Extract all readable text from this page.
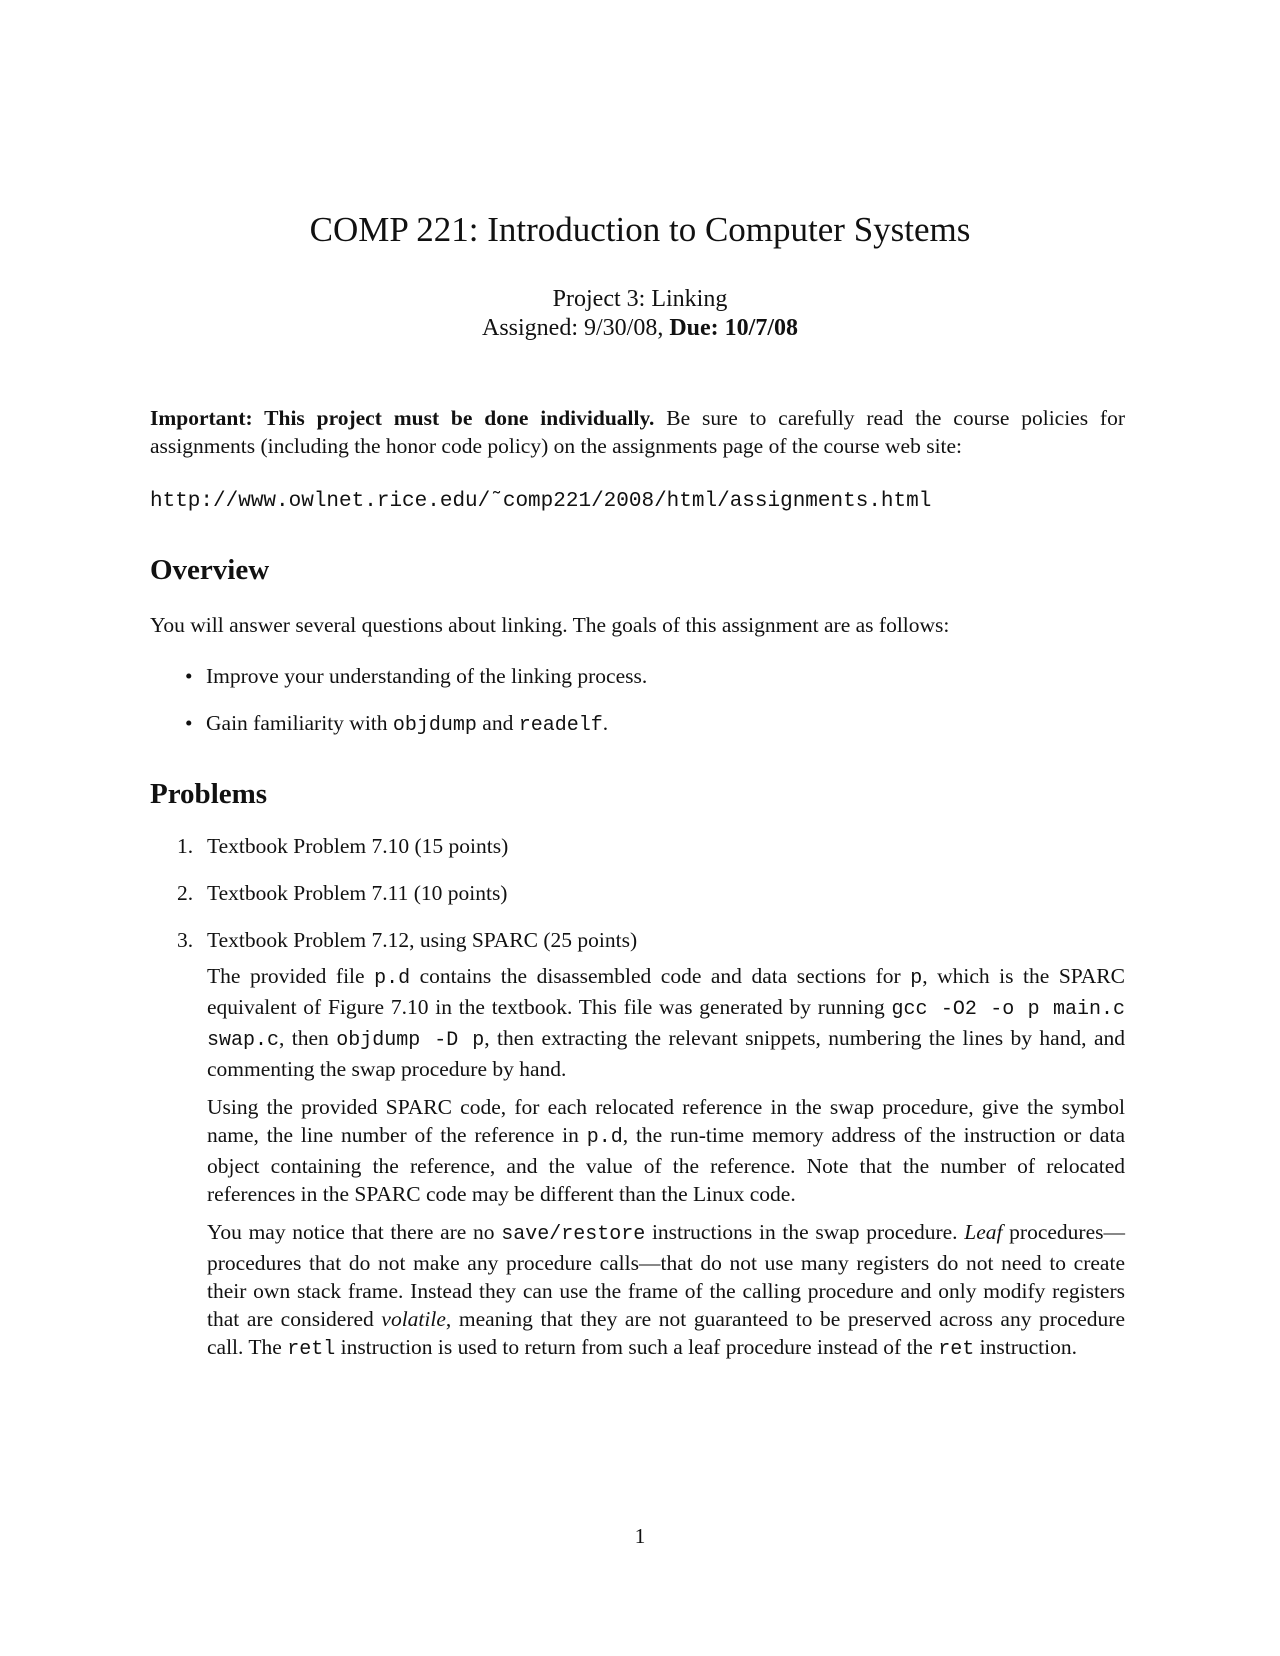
COMP 221: Introduction to Computer Systems
Project 3: Linking
Assigned: 9/30/08, Due: 10/7/08
Important: This project must be done individually. Be sure to carefully read the course policies for assignments (including the honor code policy) on the assignments page of the course web site:
http://www.owlnet.rice.edu/˜comp221/2008/html/assignments.html
Overview
You will answer several questions about linking. The goals of this assignment are as follows:
• Improve your understanding of the linking process.
• Gain familiarity with objdump and readelf.
Problems
1. Textbook Problem 7.10 (15 points)
2. Textbook Problem 7.11 (10 points)
3. Textbook Problem 7.12, using SPARC (25 points)

The provided file p.d contains the disassembled code and data sections for p, which is the SPARC equivalent of Figure 7.10 in the textbook. This file was generated by running gcc -O2 -o p main.c swap.c, then objdump -D p, then extracting the relevant snippets, numbering the lines by hand, and commenting the swap procedure by hand.

Using the provided SPARC code, for each relocated reference in the swap procedure, give the symbol name, the line number of the reference in p.d, the run-time memory address of the instruction or data object containing the reference, and the value of the reference. Note that the number of relocated references in the SPARC code may be different than the Linux code.

You may notice that there are no save/restore instructions in the swap procedure. Leaf procedures—procedures that do not make any procedure calls—that do not use many registers do not need to create their own stack frame. Instead they can use the frame of the calling procedure and only modify registers that are considered volatile, meaning that they are not guaranteed to be preserved across any procedure call. The retl instruction is used to return from such a leaf procedure instead of the ret instruction.

1
